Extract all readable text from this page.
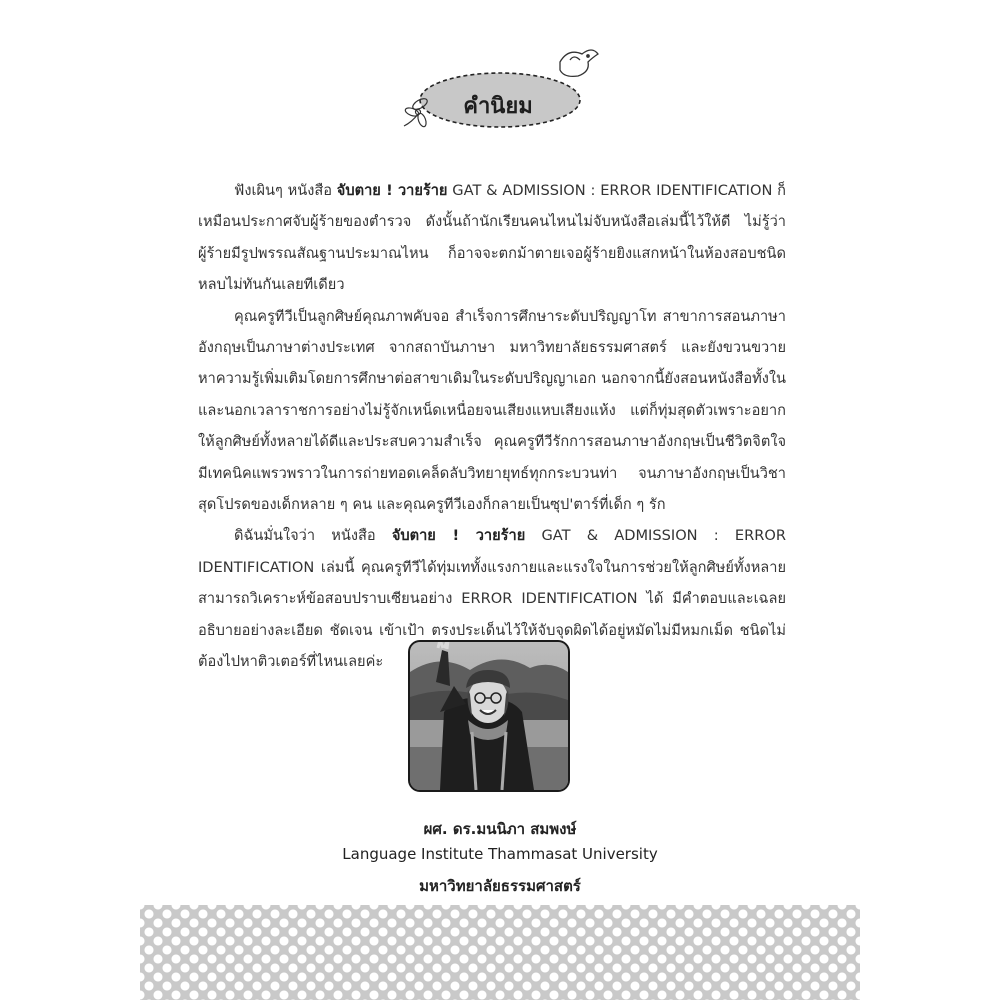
คำนิยม

ฟังเผินๆ หนังสือ จับตาย ! วายร้าย GAT & ADMISSION : ERROR IDENTIFICATION ก็เหมือนประกาศจับผู้ร้ายของตำรวจ ดังนั้นถ้านักเรียนคนไหนไม่จับหนังสือเล่มนี้ไว้ให้ดี ไม่รู้ว่าผู้ร้ายมีรูปพรรณสัณฐานประมาณไหน ก็อาจจะตกม้าตายเจอผู้ร้ายยิงแสกหน้าในห้องสอบชนิดหลบไม่ทันกันเลยทีเดียว

คุณครูทีวีเป็นลูกศิษย์คุณภาพคับจอ สำเร็จการศึกษาระดับปริญญาโท สาขาการสอนภาษาอังกฤษเป็นภาษาต่างประเทศ จากสถาบันภาษา มหาวิทยาลัยธรรมศาสตร์ และยังขวนขวายหาความรู้เพิ่มเติมโดยการศึกษาต่อสาขาเดิมในระดับปริญญาเอก นอกจากนี้ยังสอนหนังสือทั้งในและนอกเวลาราชการอย่างไม่รู้จักเหน็ดเหนื่อยจนเสียงแหบเสียงแห้ง แต่ก็ทุ่มสุดตัวเพราะอยากให้ลูกศิษย์ทั้งหลายได้ดีและประสบความสำเร็จ คุณครูทีวีรักการสอนภาษาอังกฤษเป็นชีวิตจิตใจ มีเทคนิคแพรวพราวในการถ่ายทอดเคล็ดลับวิทยายุทธ์ทุกกระบวนท่า จนภาษาอังกฤษเป็นวิชาสุดโปรดของเด็กหลาย ๆ คน และคุณครูทีวีเองก็กลายเป็นซุป'ตาร์ที่เด็ก ๆ รัก

ดิฉันมั่นใจว่า หนังสือ จับตาย ! วายร้าย GAT & ADMISSION : ERROR IDENTIFICATION เล่มนี้ คุณครูทีวีได้ทุ่มเททั้งแรงกายและแรงใจในการช่วยให้ลูกศิษย์ทั้งหลายสามารถวิเคราะห์ข้อสอบปราบเซียนอย่าง ERROR IDENTIFICATION ได้ มีคำตอบและเฉลยอธิบายอย่างละเอียด ชัดเจน เข้าเป้า ตรงประเด็นไว้ให้จับจุดผิดได้อยู่หมัดไม่มีหมกเม็ด ชนิดไม่ต้องไปหาติวเตอร์ที่ไหนเลยค่ะ

ผศ. ดร.มนนิภา สมพงษ์
Language Institute Thammasat University
มหาวิทยาลัยธรรมศาสตร์
